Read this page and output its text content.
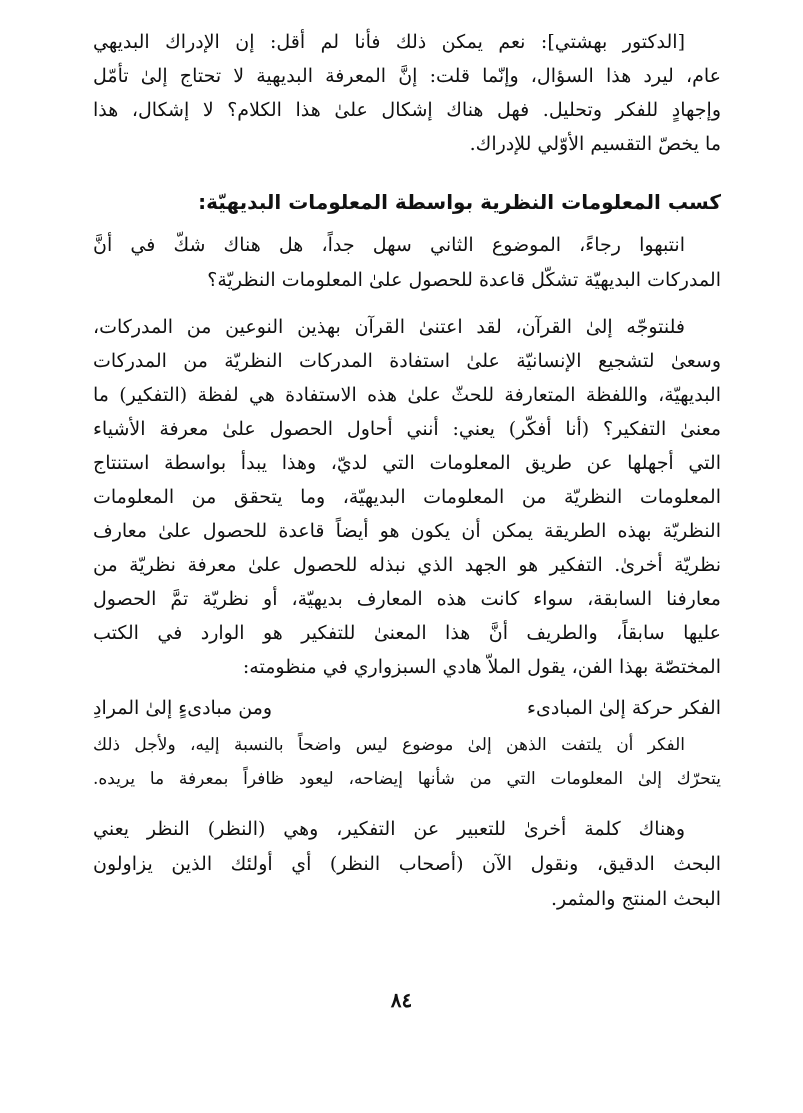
[الدكتور بهشتي]: نعم يمكن ذلك فأنا لم أقل: إن الإدراك البديهي
عام، ليرد هذا السؤال، وإنّما قلت: إنَّ المعرفة البديهية لا تحتاج إلىٰ تأمّل
وإجهادٍ للفكر وتحليل. فهل هناك إشكال علىٰ هذا الكلام؟ لا إشكال، هذا
ما يخصّ التقسيم الأوّلي للإدراك.
كسب المعلومات النظرية بواسطة المعلومات البديهيّة:
انتبهوا رجاءً، الموضوع الثاني سهل جداً، هل هناك شكّ في أنَّ
المدركات البديهيّة تشكّل قاعدة للحصول علىٰ المعلومات النظريّة؟
فلنتوجّه إلىٰ القرآن، لقد اعتنىٰ القرآن بهذين النوعين من المدركات،
وسعىٰ لتشجيع الإنسانيّة علىٰ استفادة المدركات النظريّة من المدركات
البديهيّة، واللفظة المتعارفة للحثّ علىٰ هذه الاستفادة هي لفظة (التفكير) ما
معنىٰ التفكير؟ (أنا أفكّر) يعني: أنني أحاول الحصول علىٰ معرفة الأشياء
التي أجهلها عن طريق المعلومات التي لديّ، وهذا يبدأ بواسطة استنتاج
المعلومات النظريّة من المعلومات البديهيّة، وما يتحقق من المعلومات
النظريّة بهذه الطريقة يمكن أن يكون هو أيضاً قاعدة للحصول علىٰ معارف
نظريّة أخرىٰ. التفكير هو الجهد الذي نبذله للحصول علىٰ معرفة نظريّة من
معارفنا السابقة، سواء كانت هذه المعارف بديهيّة، أو نظريّة تمَّ الحصول
عليها سابقاً، والطريف أنَّ هذا المعنىٰ للتفكير هو الوارد في الكتب
المختصّة بهذا الفن، يقول الملاّ هادي السبزواري في منظومته:
الفكر حركة إلىٰ المبادىء
ومن مبادىءٍ إلىٰ المرادِ
الفكر أن يلتفت الذهن إلىٰ موضوع ليس واضحاً بالنسبة إليه، ولأجل ذلك
يتحرّك إلىٰ المعلومات التي من شأنها إيضاحه، ليعود ظافراً بمعرفة ما يريده.
وهناك كلمة أخرىٰ للتعبير عن التفكير، وهي (النظر) النظر يعني
البحث الدقيق، ونقول الآن (أصحاب النظر) أي أولئك الذين يزاولون
البحث المنتج والمثمر.
٨٤
